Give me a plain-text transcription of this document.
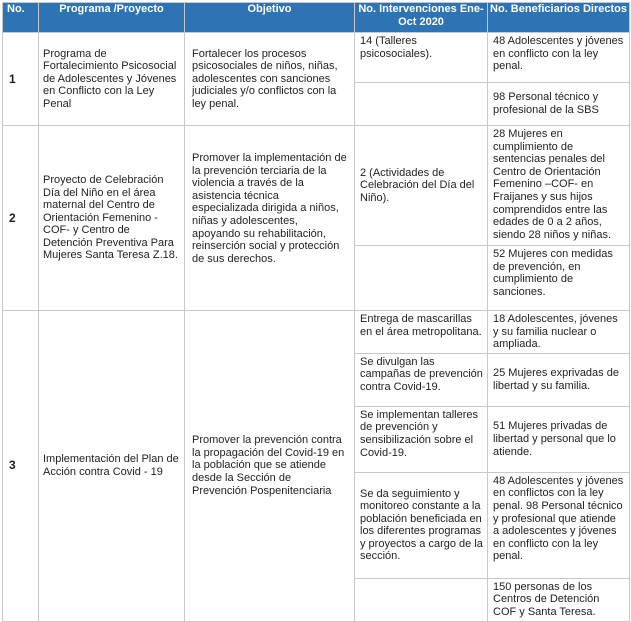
No.	Programa /Proyecto	Objetivo	No. Intervenciones Ene-Oct 2020	No. Beneficiarios Directos
1	Programa de Fortalecimiento Psicosocial de Adolescentes y Jóvenes en Conflicto con la Ley Penal	Fortalecer los procesos psicosociales de niños, niñas, adolescentes con sanciones judiciales y/o conflictos con la ley penal.	14 (Talleres psicosociales).	48 Adolescentes y jóvenes en conflicto con la ley penal.
				98 Personal técnico y profesional de la SBS
2	Proyecto de Celebración Día del Niño en el área maternal del Centro de Orientación Femenino - COF- y Centro de Detención Preventiva Para Mujeres Santa Teresa Z.18.	Promover la implementación de la prevención terciaria de la violencia a través de la asistencia técnica especializada dirigida a niños, niñas y adolescentes, apoyando su rehabilitación, reinserción social y protección de sus derechos.	2 (Actividades de Celebración del Día del Niño).	28 Mujeres en cumplimiento de sentencias penales del Centro de Orientación Femenino –COF- en Fraijanes y sus hijos comprendidos entre las edades de 0 a 2 años, siendo 28 niños y niñas.
				52 Mujeres con medidas de prevención, en cumplimiento de sanciones.
3	Implementación del Plan de Acción contra Covid - 19	Promover la prevención contra la propagación del Covid-19 en la población que se atiende desde la Sección de Prevención Pospenitenciaria	Entrega de mascarillas en el área metropolitana.	18 Adolescentes, jóvenes y su familia nuclear o ampliada.
			Se divulgan las campañas de prevención contra Covid-19.	25 Mujeres exprivadas de libertad y su familia.
			Se implementan talleres de prevención y sensibilización sobre el Covid-19.	51 Mujeres privadas de libertad y personal que lo atiende.
			Se da seguimiento y monitoreo constante a la población beneficiada en los diferentes programas y proyectos a cargo de la sección.	48 Adolescentes y jóvenes en conflictos con la ley penal. 98 Personal técnico y profesional que atiende a adolescentes y jóvenes en conflicto con la ley penal.
				150 personas de los Centros de Detención COF y Santa Teresa.
